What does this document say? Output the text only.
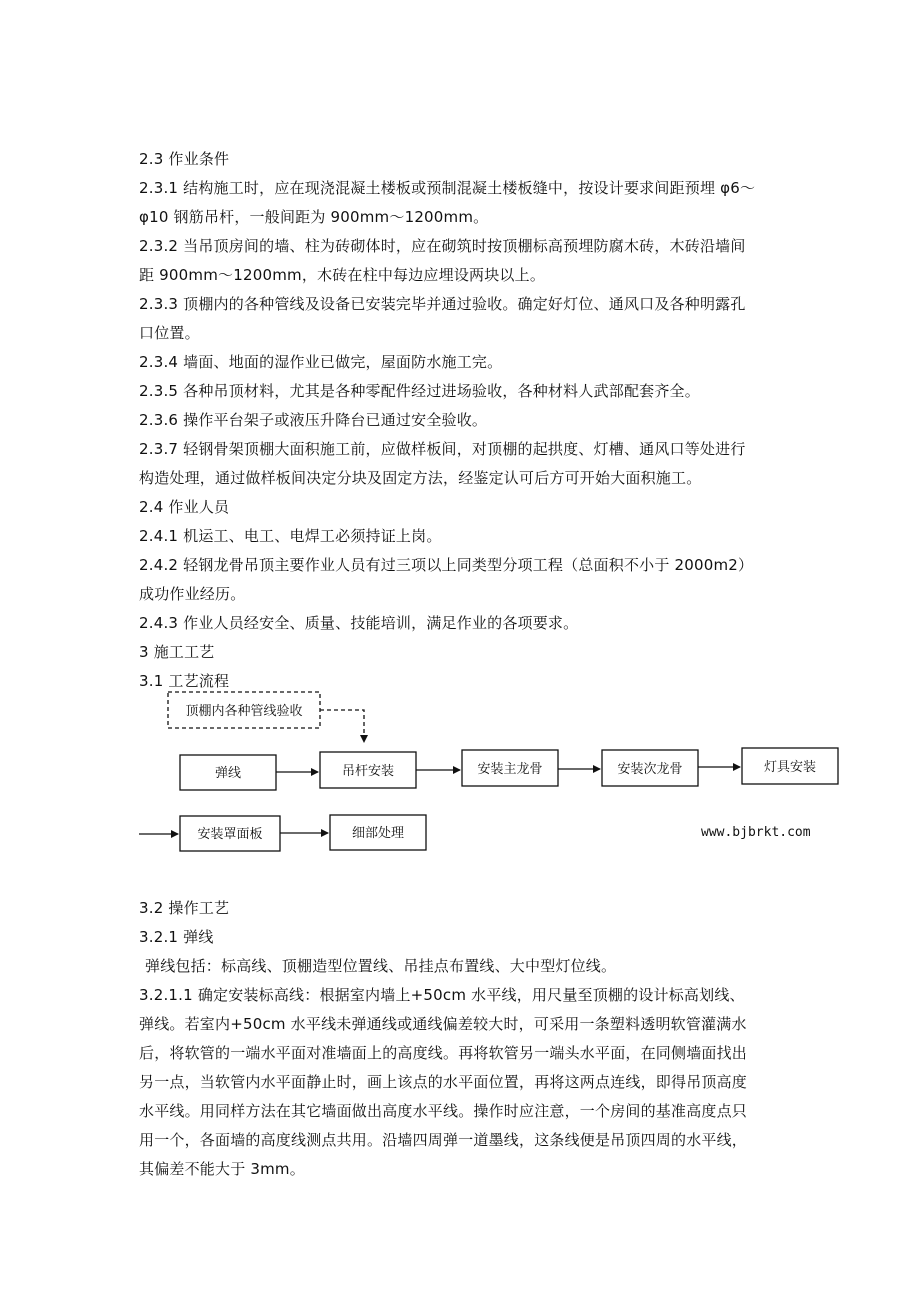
2.3 作业条件
2.3.1 结构施工时，应在现浇混凝土楼板或预制混凝土楼板缝中，按设计要求间距预埋 φ6～
φ10 钢筋吊杆，一般间距为 900mm～1200mm。
2.3.2 当吊顶房间的墙、柱为砖砌体时，应在砌筑时按顶棚标高预埋防腐木砖，木砖沿墙间
距 900mm～1200mm，木砖在柱中每边应埋设两块以上。
2.3.3 顶棚内的各种管线及设备已安装完毕并通过验收。确定好灯位、通风口及各种明露孔
口位置。
2.3.4 墙面、地面的湿作业已做完，屋面防水施工完。
2.3.5 各种吊顶材料，尤其是各种零配件经过进场验收，各种材料人武部配套齐全。
2.3.6 操作平台架子或液压升降台已通过安全验收。
2.3.7 轻钢骨架顶棚大面积施工前，应做样板间，对顶棚的起拱度、灯槽、通风口等处进行
构造处理，通过做样板间决定分块及固定方法，经鉴定认可后方可开始大面积施工。
2.4 作业人员
2.4.1 机运工、电工、电焊工必须持证上岗。
2.4.2 轻钢龙骨吊顶主要作业人员有过三项以上同类型分项工程（总面积不小于 2000m2）
成功作业经历。
2.4.3 作业人员经安全、质量、技能培训，满足作业的各项要求。
3 施工工艺
3.1 工艺流程
顶棚内各种管线验收
弹线	吊杆安装	安装主龙骨	安装次龙骨	灯具安装
安装罩面板	细部处理	www.bjbrkt.com
3.2 操作工艺
3.2.1 弹线
弹线包括：标高线、顶棚造型位置线、吊挂点布置线、大中型灯位线。
3.2.1.1 确定安装标高线：根据室内墙上+50cm 水平线，用尺量至顶棚的设计标高划线、
弹线。若室内+50cm 水平线未弹通线或通线偏差较大时，可采用一条塑料透明软管灌满水
后，将软管的一端水平面对准墙面上的高度线。再将软管另一端头水平面，在同侧墙面找出
另一点，当软管内水平面静止时，画上该点的水平面位置，再将这两点连线，即得吊顶高度
水平线。用同样方法在其它墙面做出高度水平线。操作时应注意，一个房间的基准高度点只
用一个，各面墙的高度线测点共用。沿墙四周弹一道墨线，这条线便是吊顶四周的水平线，
其偏差不能大于 3mm。
